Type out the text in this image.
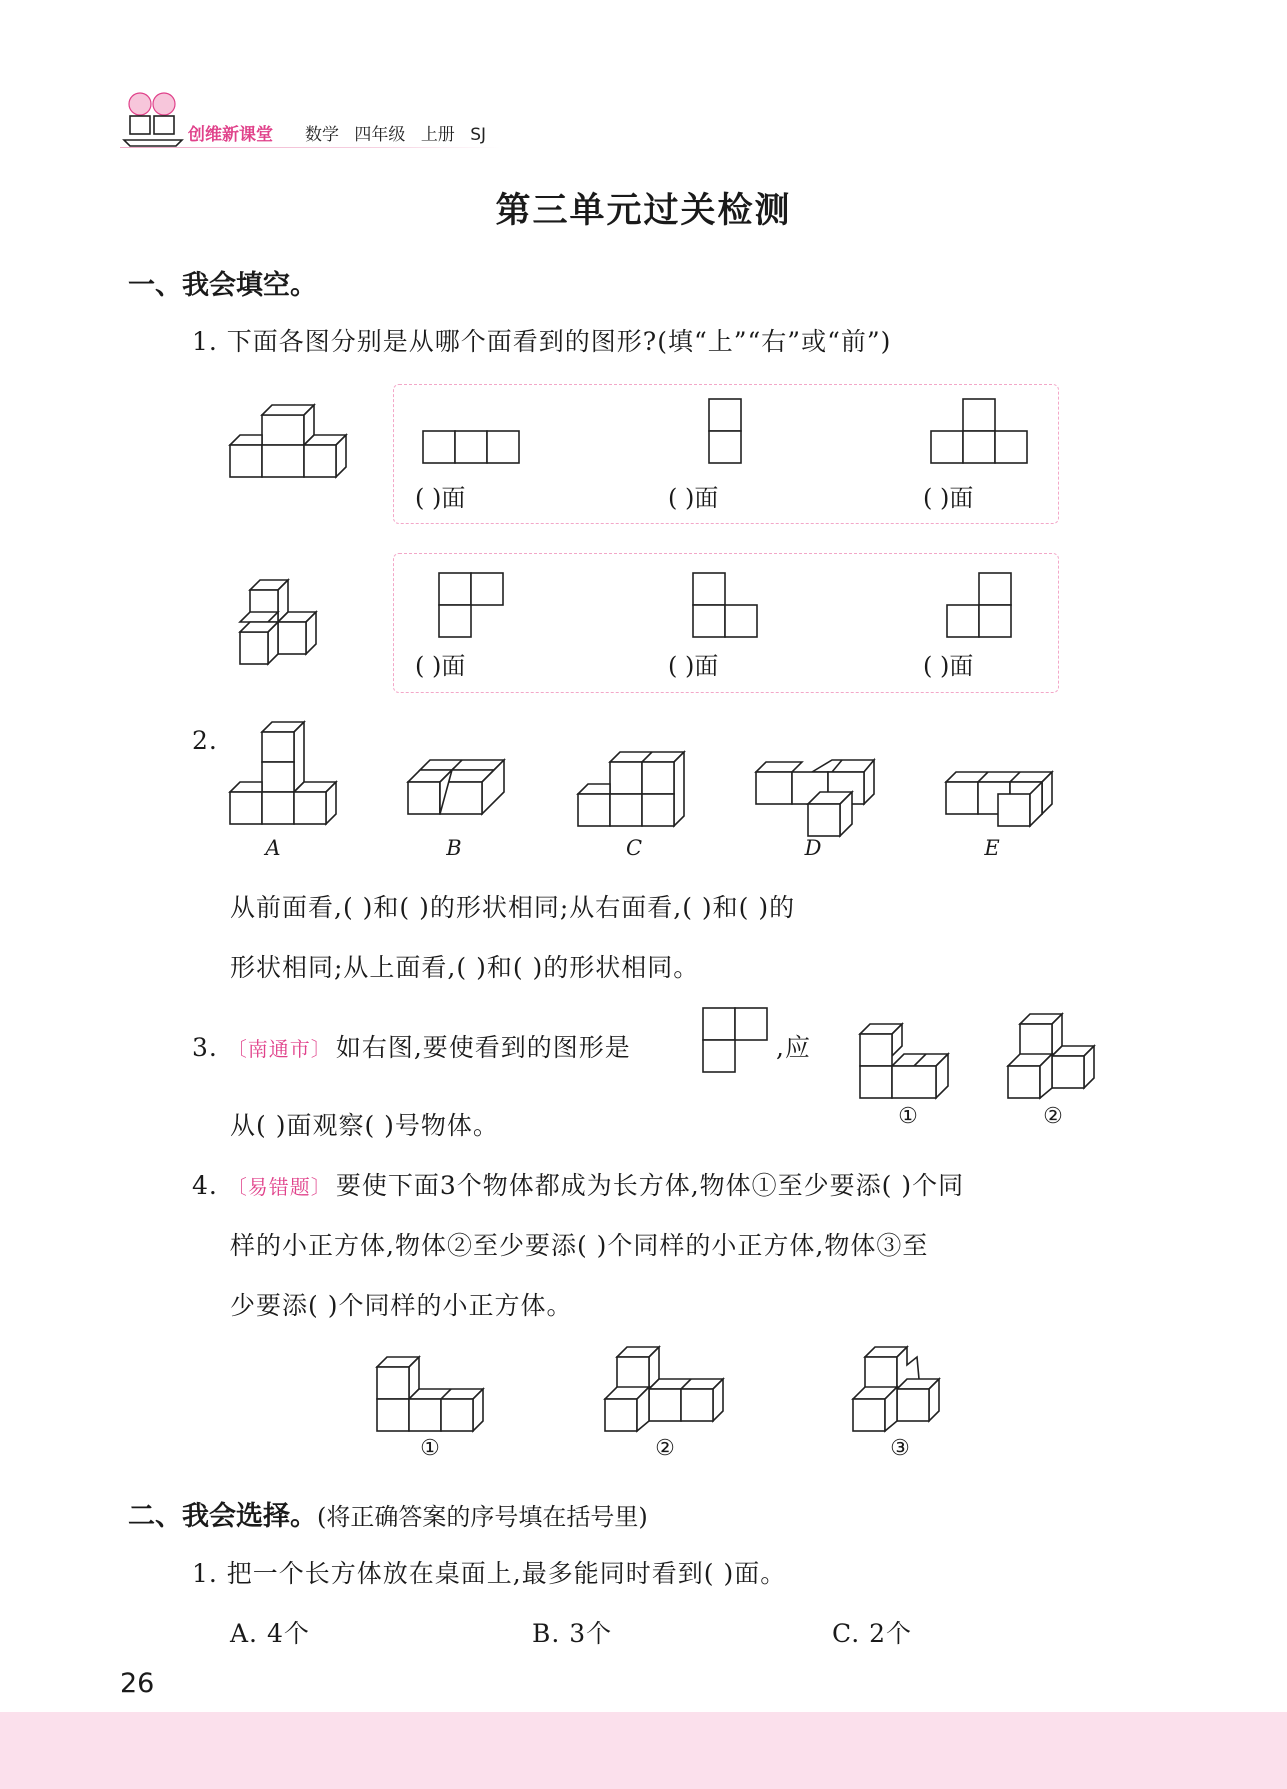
创维新课堂 数学 四年级 上册 SJ
第三单元过关检测
一、我会填空。
1. 下面各图分别是从哪个面看到的图形?(填“上”“右”或“前”)
( )面	( )面	( )面
( )面	( )面	( )面
2.
A	B	C	D	E
从前面看,( )和( )的形状相同;从右面看,( )和( )的
形状相同;从上面看,( )和( )的形状相同。
3. 〔南通市〕 如右图,要使看到的图形是	,应
从( )面观察( )号物体。	①	②
4. 〔易错题〕 要使下面3个物体都成为长方体,物体①至少要添( )个同
样的小正方体,物体②至少要添( )个同样的小正方体,物体③至
少要添( )个同样的小正方体。
①	②	③
二、我会选择。(将正确答案的序号填在括号里)
1. 把一个长方体放在桌面上,最多能同时看到( )面。
A. 4个	B. 3个	C. 2个
26
